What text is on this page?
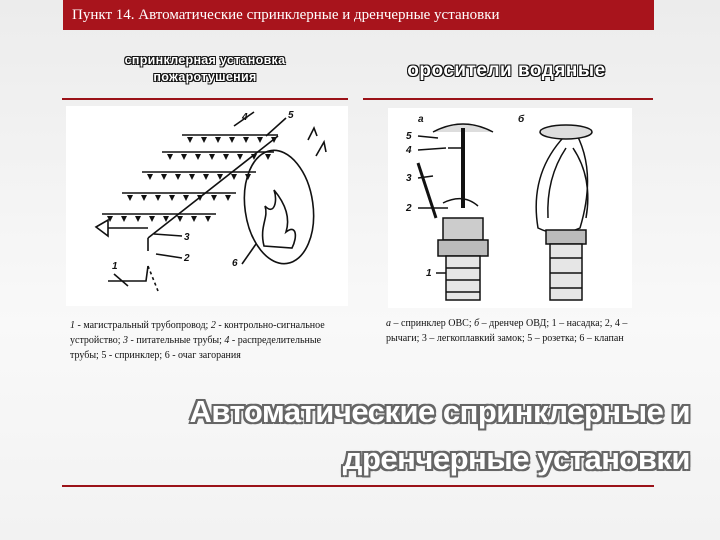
Пункт 14. Автоматические спринклерные и дренчерные установки
спринклерная установка
пожаротушения	оросители водяные
1
2
3
4	5
6
а	б
5
4
3
2
1
1 - магистральный трубопровод; 2 - контрольно-сигнальное устройство; 3 - питательные трубы; 4 - распределительные трубы; 5 - спринклер; 6 - очаг загорания
а – спринклер ОВС; б – дренчер ОВД; 1 – насадка; 2, 4 – рычаги; 3 – легкоплавкий замок; 5 – розетка; 6 – клапан
Автоматические спринклерные и
дренчерные установки
